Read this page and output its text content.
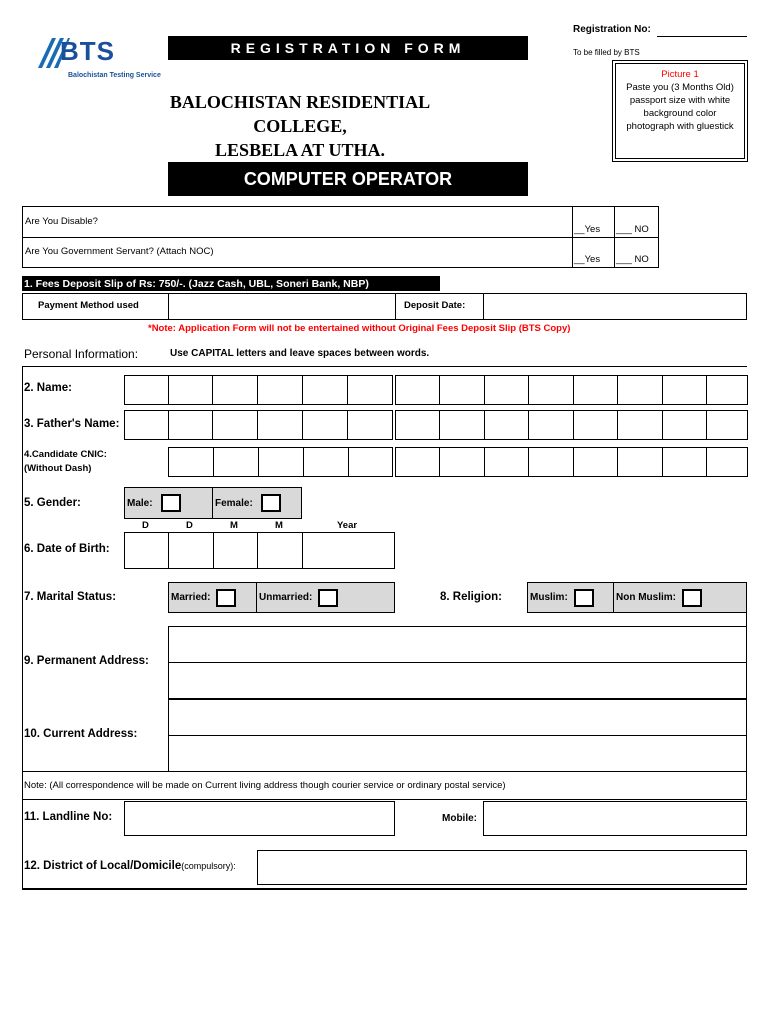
BTS
Balochistan Testing Service
REGISTRATION FORM
BALOCHISTAN RESIDENTIAL COLLEGE,
LESBELA AT UTHA.
COMPUTER OPERATOR
Registration No:
To be filled by BTS
Picture 1
Paste you (3 Months Old) passport size with white background color photograph with gluestick
Are You Disable?
__Yes ___ NO
Are You Government Servant? (Attach NOC)
__Yes ___ NO
1. Fees Deposit Slip of Rs: 750/-. (Jazz Cash, UBL, Soneri Bank, NBP)
Payment Method used	Deposit Date:
*Note: Application Form will not be entertained without Original Fees Deposit Slip (BTS Copy)
Personal Information:	Use CAPITAL letters and leave spaces between words.
2. Name:
3. Father's Name:
4.Candidate CNIC:
(Without Dash)
5. Gender:	Male:	Female:
D	D	M	M	Year
6. Date of Birth:
7. Marital Status:	Married:	Unmarried:	8. Religion:	Muslim:	Non Muslim:
9. Permanent Address:
10. Current Address:
Note: (All correspondence will be made on Current living address though courier service or ordinary postal service)
11. Landline No:	Mobile:
12. District of Local/Domicile(compulsory):
